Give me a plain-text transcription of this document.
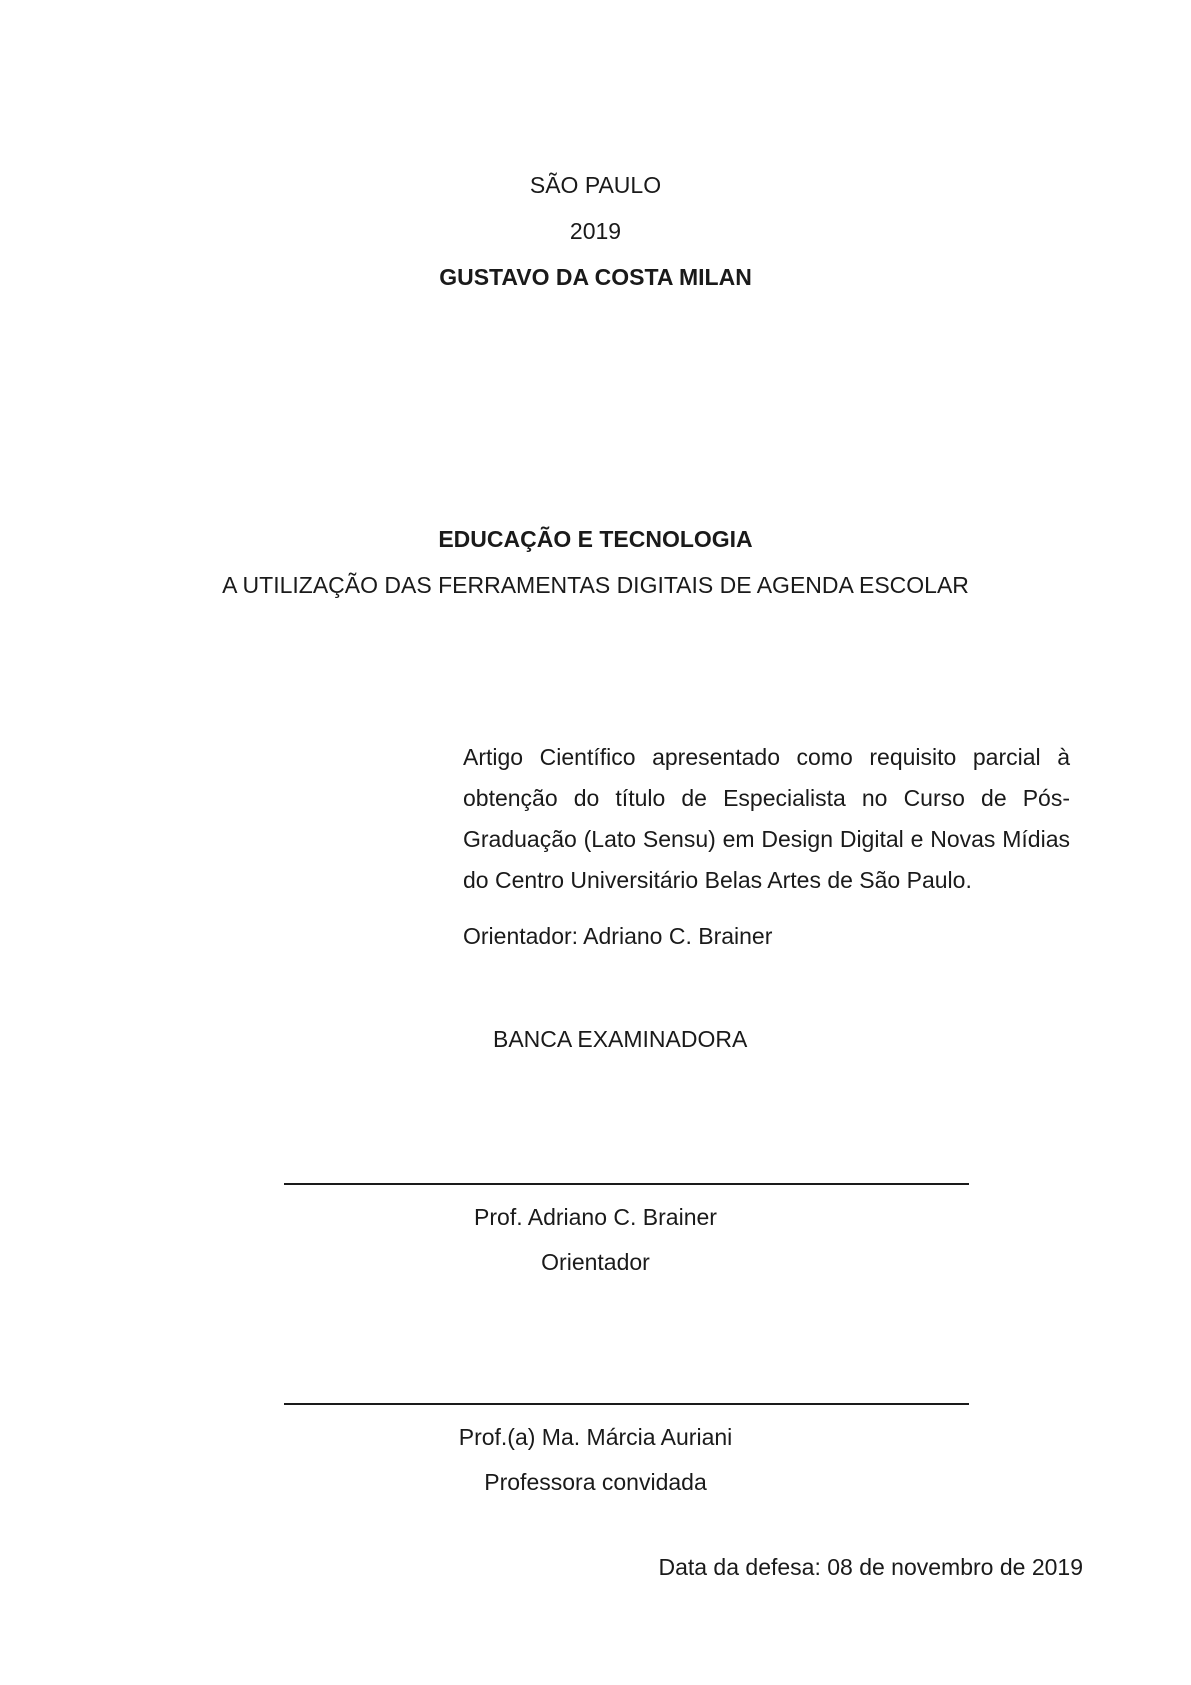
SÃO PAULO
2019
GUSTAVO DA COSTA MILAN
EDUCAÇÃO E TECNOLOGIA
A UTILIZAÇÃO DAS FERRAMENTAS DIGITAIS DE AGENDA ESCOLAR
Artigo Científico apresentado como requisito parcial à obtenção do título de Especialista no Curso de Pós-Graduação (Lato Sensu) em Design Digital e Novas Mídias do Centro Universitário Belas Artes de São Paulo.
Orientador: Adriano C. Brainer
BANCA EXAMINADORA
Prof. Adriano C. Brainer
Orientador
Prof.(a) Ma. Márcia Auriani
Professora convidada
Data da defesa: 08 de novembro de 2019
